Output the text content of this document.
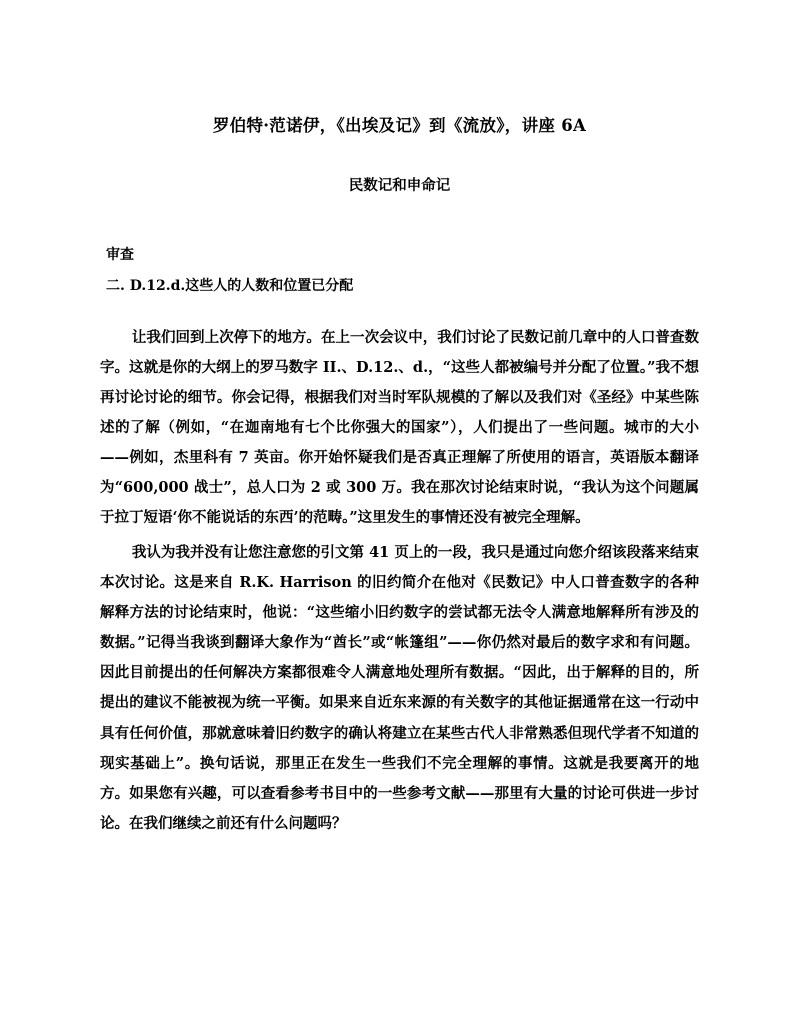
罗伯特·范诺伊，《出埃及记》到《流放》，讲座 6A
民数记和申命记
审查
二. D.12.d.这些人的人数和位置已分配

让我们回到上次停下的地方。在上一次会议中，我们讨论了民数记前几章中的人口普查数字。这就是你的大纲上的罗马数字 II.、D.12.、d.，“这些人都被编号并分配了位置。”我不想再讨论讨论的细节。你会记得，根据我们对当时军队规模的了解以及我们对《圣经》中某些陈述的了解（例如，“在迦南地有七个比你强大的国家”），人们提出了一些问题。城市的大小——例如，杰里科有 7 英亩。你开始怀疑我们是否真正理解了所使用的语言，英语版本翻译为“600,000 战士”，总人口为 2 或 300 万。我在那次讨论结束时说，“我认为这个问题属于拉丁短语‘你不能说话的东西’的范畴。”这里发生的事情还没有被完全理解。

我认为我并没有让您注意您的引文第 41 页上的一段，我只是通过向您介绍该段落来结束本次讨论。这是来自 R.K. Harrison 的旧约简介在他对《民数记》中人口普查数字的各种解释方法的讨论结束时，他说：“这些缩小旧约数字的尝试都无法令人满意地解释所有涉及的数据。”记得当我谈到翻译大象作为“酋长”或“帐篷组”——你仍然对最后的数字求和有问题。因此目前提出的任何解决方案都很难令人满意地处理所有数据。“因此，出于解释的目的，所提出的建议不能被视为统一平衡。如果来自近东来源的有关数字的其他证据通常在这一行动中具有任何价值，那就意味着旧约数字的确认将建立在某些古代人非常熟悉但现代学者不知道的现实基础上”。换句话说，那里正在发生一些我们不完全理解的事情。这就是我要离开的地方。如果您有兴趣，可以查看参考书目中的一些参考文献——那里有大量的讨论可供进一步讨论。在我们继续之前还有什么问题吗？
